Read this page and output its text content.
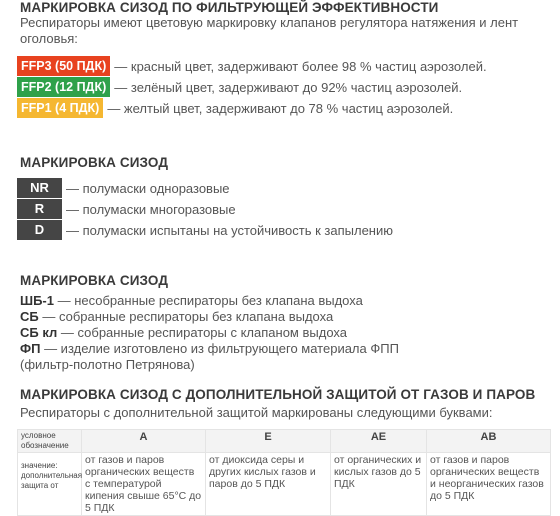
МАРКИРОВКА СИЗОД ПО ФИЛЬТРУЮЩЕЙ ЭФФЕКТИВНОСТИ
Респираторы имеют цветовую маркировку клапанов регулятора натяжения и лент оголовья:
FFP3 (50 ПДК) — красный цвет, задерживают более 98 % частиц аэрозолей.
FFP2 (12 ПДК) — зелёный цвет, задерживают до 92% частиц аэрозолей.
FFP1 (4 ПДК) — желтый цвет, задерживают до 78 % частиц аэрозолей.
МАРКИРОВКА СИЗОД
NR	— полумаски одноразовые
R	— полумаски многоразовые
D	— полумаски испытаны на устойчивость к запылению
МАРКИРОВКА СИЗОД
ШБ-1 — несобранные респираторы без клапана выдоха
СБ — собранные респираторы без клапана выдоха
СБ кл — собранные респираторы с клапаном выдоха
ФП — изделие изготовлено из фильтрующего материала ФПП
(фильтр-полотно Петрянова)
МАРКИРОВКА СИЗОД С ДОПОЛНИТЕЛЬНОЙ ЗАЩИТОЙ ОТ ГАЗОВ И ПАРОВ
Респираторы с дополнительной защитой маркированы следующими буквами:
условное обозначение	A	E	AE	AB
значение: дополнительная защита от	от газов и паров органических веществ с температурой кипения свыше 65°С до 5 ПДК	от диоксида серы и других кислых газов и паров до 5 ПДК	от органических и кислых газов до 5 ПДК	от газов и паров органических веществ и неорганических газов до 5 ПДК
